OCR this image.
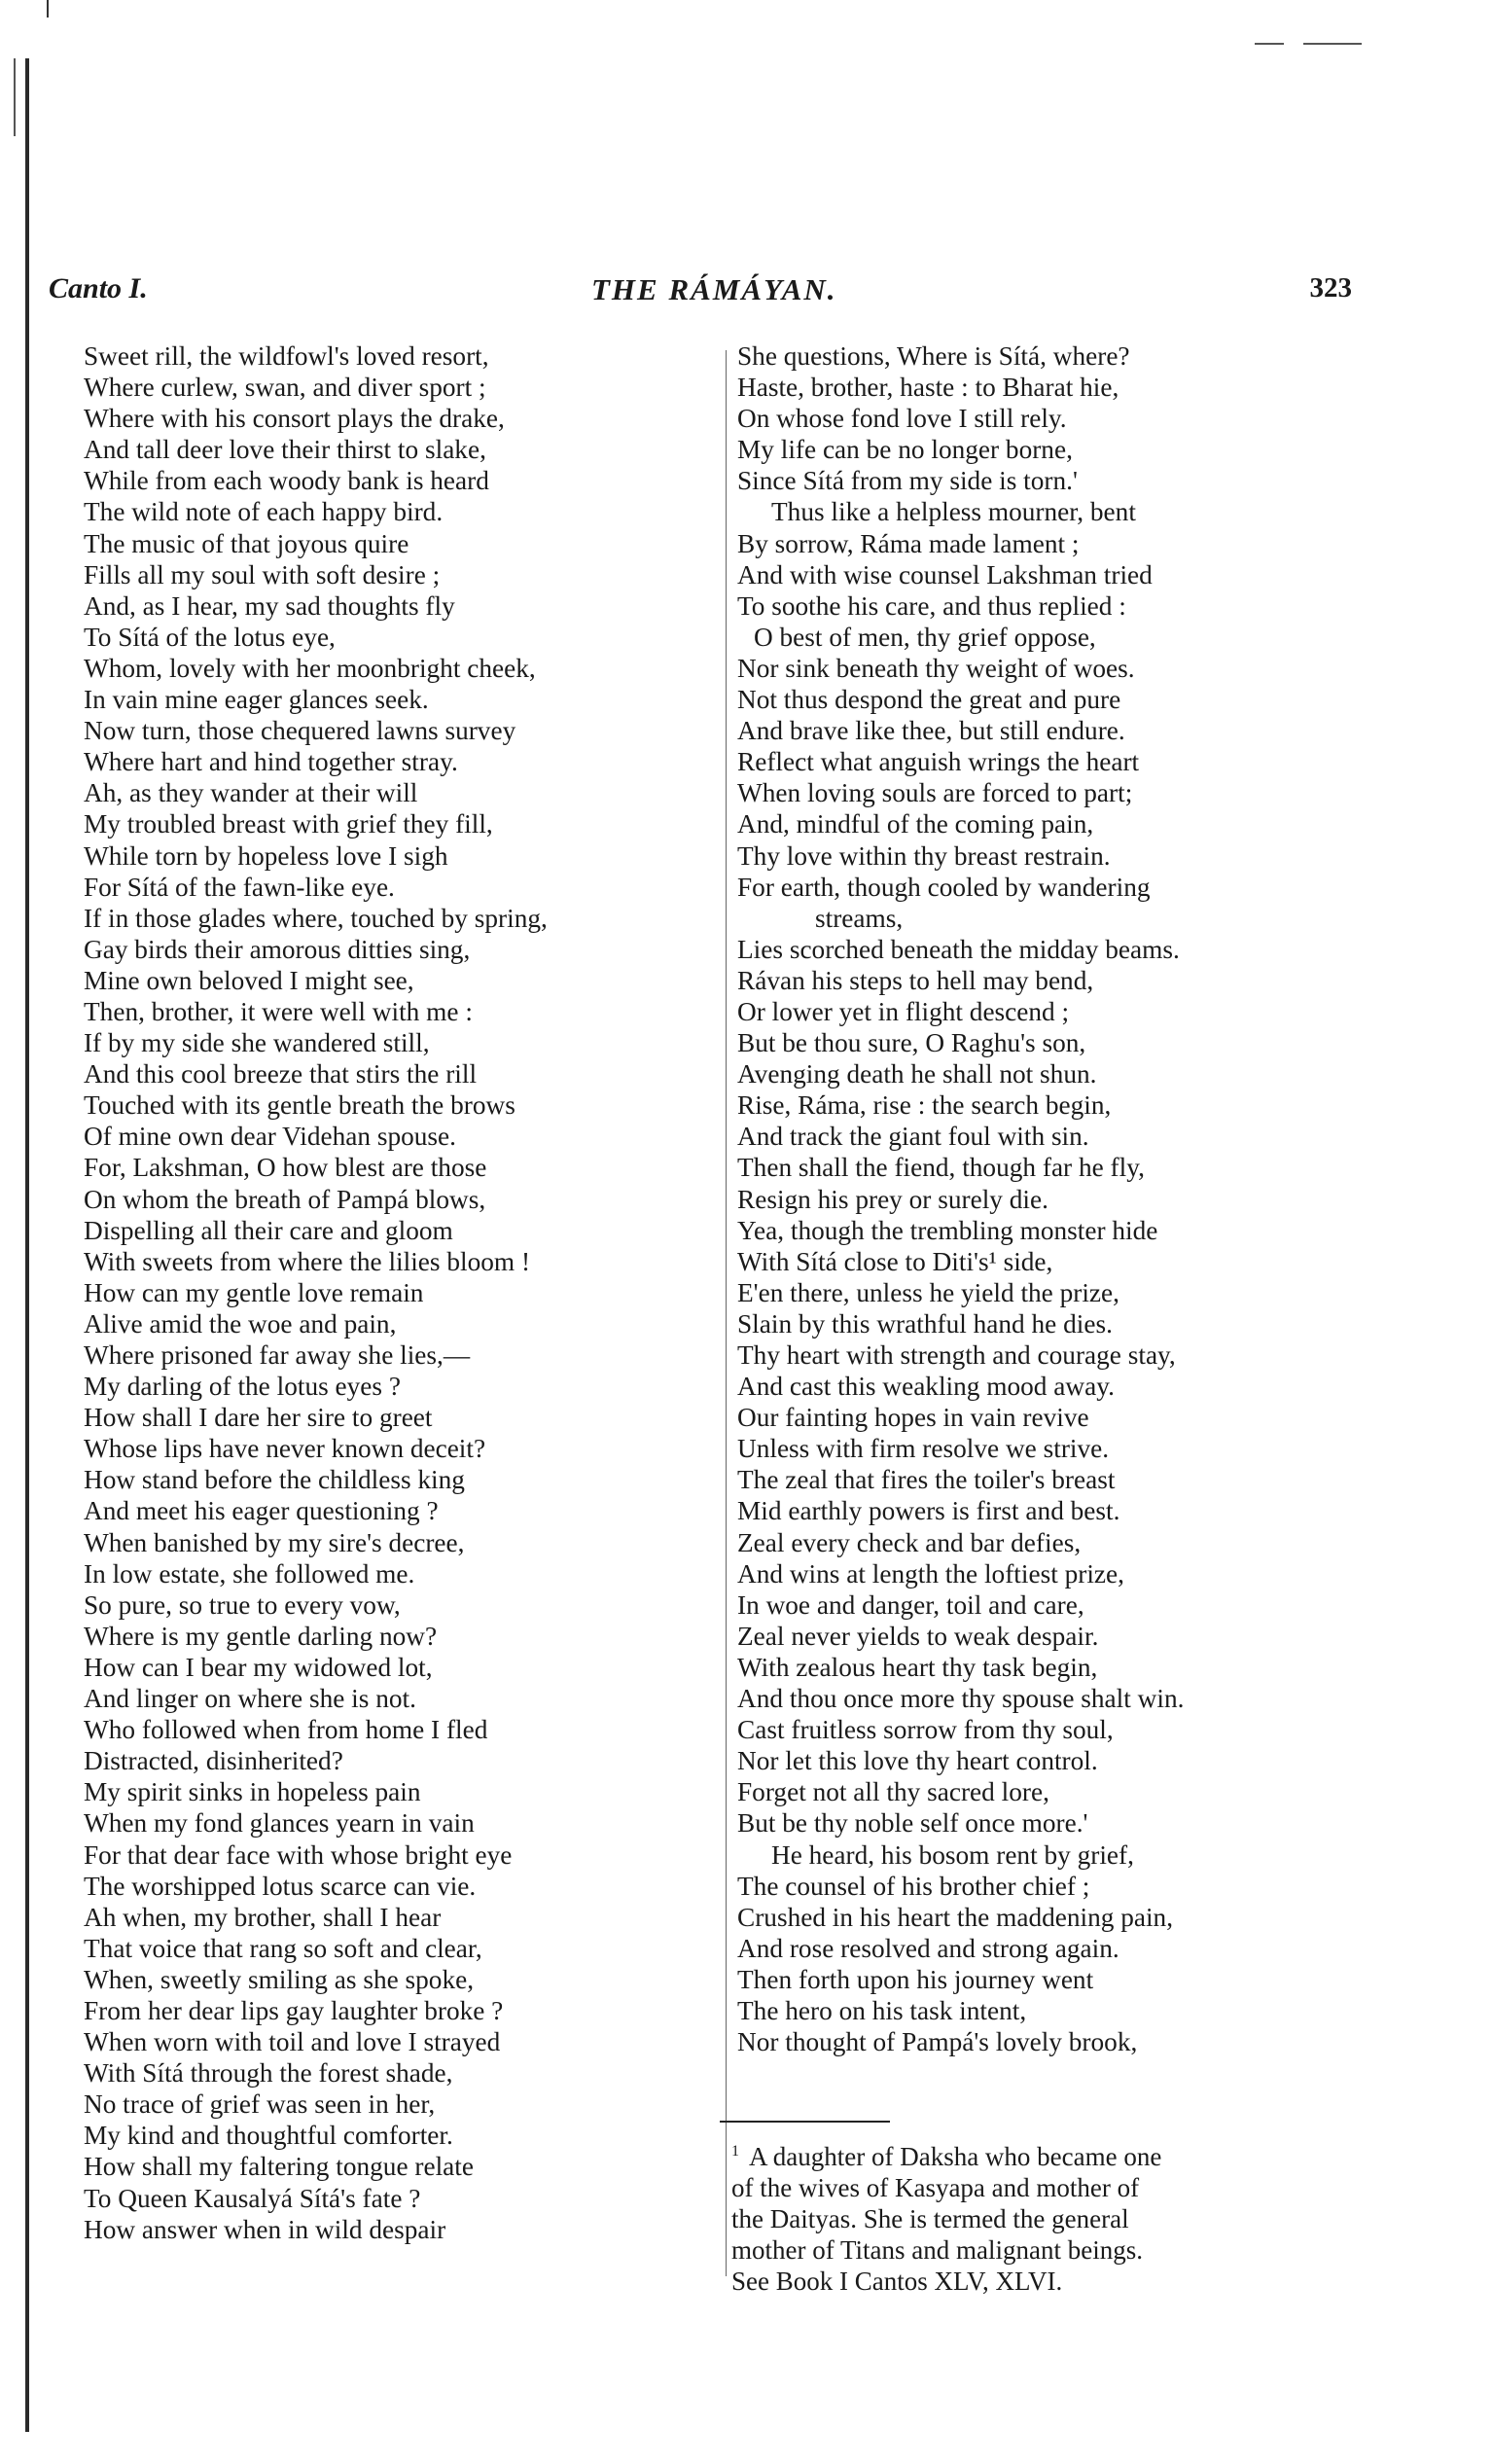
Canto I.	THE RÁMÁYAN.	323
Sweet rill, the wildfowl's loved resort,
Where curlew, swan, and diver sport ;
Where with his consort plays the drake,
And tall deer love their thirst to slake,
While from each woody bank is heard
The wild note of each happy bird.
The music of that joyous quire
Fills all my soul with soft desire ;
And, as I hear, my sad thoughts fly
To Sítá of the lotus eye,
Whom, lovely with her moonbright cheek,
In vain mine eager glances seek.
Now turn, those chequered lawns survey
Where hart and hind together stray.
Ah, as they wander at their will
My troubled breast with grief they fill,
While torn by hopeless love I sigh
For Sítá of the fawn-like eye.
If in those glades where, touched by spring,
Gay birds their amorous ditties sing,
Mine own beloved I might see,
Then, brother, it were well with me :
If by my side she wandered still,
And this cool breeze that stirs the rill
Touched with its gentle breath the brows
Of mine own dear Videhan spouse.
For, Lakshman, O how blest are those
On whom the breath of Pampá blows,
Dispelling all their care and gloom
With sweets from where the lilies bloom !
How can my gentle love remain
Alive amid the woe and pain,
Where prisoned far away she lies,—
My darling of the lotus eyes ?
How shall I dare her sire to greet
Whose lips have never known deceit?
How stand before the childless king
And meet his eager questioning ?
When banished by my sire's decree,
In low estate, she followed me.
So pure, so true to every vow,
Where is my gentle darling now?
How can I bear my widowed lot,
And linger on where she is not.
Who followed when from home I fled
Distracted, disinherited?
My spirit sinks in hopeless pain
When my fond glances yearn in vain
For that dear face with whose bright eye
The worshipped lotus scarce can vie.
Ah when, my brother, shall I hear
That voice that rang so soft and clear,
When, sweetly smiling as she spoke,
From her dear lips gay laughter broke ?
When worn with toil and love I strayed
With Sítá through the forest shade,
No trace of grief was seen in her,
My kind and thoughtful comforter.
How shall my faltering tongue relate
To Queen Kausalyá Sítá's fate ?
How answer when in wild despair
She questions, Where is Sítá, where?
Haste, brother, haste : to Bharat hie,
On whose fond love I still rely.
My life can be no longer borne,
Since Sítá from my side is torn.'
Thus like a helpless mourner, bent
By sorrow, Ráma made lament ;
And with wise counsel Lakshman tried
To soothe his care, and thus replied :
O best of men, thy grief oppose,
Nor sink beneath thy weight of woes.
Not thus despond the great and pure
And brave like thee, but still endure.
Reflect what anguish wrings the heart
When loving souls are forced to part;
And, mindful of the coming pain,
Thy love within thy breast restrain.
For earth, though cooled by wandering
streams,
Lies scorched beneath the midday beams.
Rávan his steps to hell may bend,
Or lower yet in flight descend ;
But be thou sure, O Raghu's son,
Avenging death he shall not shun.
Rise, Ráma, rise : the search begin,
And track the giant foul with sin.
Then shall the fiend, though far he fly,
Resign his prey or surely die.
Yea, though the trembling monster hide
With Sítá close to Diti's¹ side,
E'en there, unless he yield the prize,
Slain by this wrathful hand he dies.
Thy heart with strength and courage stay,
And cast this weakling mood away.
Our fainting hopes in vain revive
Unless with firm resolve we strive.
The zeal that fires the toiler's breast
Mid earthly powers is first and best.
Zeal every check and bar defies,
And wins at length the loftiest prize,
In woe and danger, toil and care,
Zeal never yields to weak despair.
With zealous heart thy task begin,
And thou once more thy spouse shalt win.
Cast fruitless sorrow from thy soul,
Nor let this love thy heart control.
Forget not all thy sacred lore,
But be thy noble self once more.'
He heard, his bosom rent by grief,
The counsel of his brother chief ;
Crushed in his heart the maddening pain,
And rose resolved and strong again.
Then forth upon his journey went
The hero on his task intent,
Nor thought of Pampá's lovely brook,
$^1$ A daughter of Daksha who became one
of the wives of Kasyapa and mother of
the Daityas. She is termed the general
mother of Titans and malignant beings.
See Book I Cantos XLV, XLVI.
